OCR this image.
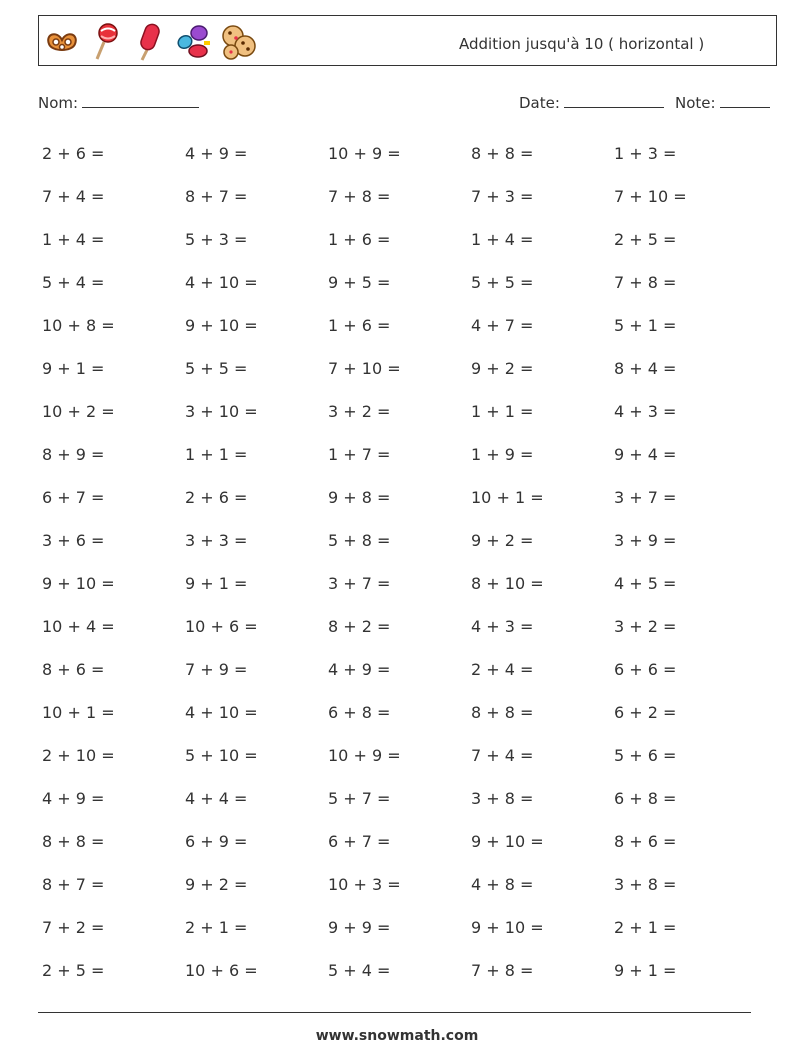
Addition jusqu'à 10 ( horizontal )
Nom:	Date:	Note:
2 + 6 =	4 + 9 =	10 + 9 =	8 + 8 =	1 + 3 =
7 + 4 =	8 + 7 =	7 + 8 =	7 + 3 =	7 + 10 =
1 + 4 =	5 + 3 =	1 + 6 =	1 + 4 =	2 + 5 =
5 + 4 =	4 + 10 =	9 + 5 =	5 + 5 =	7 + 8 =
10 + 8 =	9 + 10 =	1 + 6 =	4 + 7 =	5 + 1 =
9 + 1 =	5 + 5 =	7 + 10 =	9 + 2 =	8 + 4 =
10 + 2 =	3 + 10 =	3 + 2 =	1 + 1 =	4 + 3 =
8 + 9 =	1 + 1 =	1 + 7 =	1 + 9 =	9 + 4 =
6 + 7 =	2 + 6 =	9 + 8 =	10 + 1 =	3 + 7 =
3 + 6 =	3 + 3 =	5 + 8 =	9 + 2 =	3 + 9 =
9 + 10 =	9 + 1 =	3 + 7 =	8 + 10 =	4 + 5 =
10 + 4 =	10 + 6 =	8 + 2 =	4 + 3 =	3 + 2 =
8 + 6 =	7 + 9 =	4 + 9 =	2 + 4 =	6 + 6 =
10 + 1 =	4 + 10 =	6 + 8 =	8 + 8 =	6 + 2 =
2 + 10 =	5 + 10 =	10 + 9 =	7 + 4 =	5 + 6 =
4 + 9 =	4 + 4 =	5 + 7 =	3 + 8 =	6 + 8 =
8 + 8 =	6 + 9 =	6 + 7 =	9 + 10 =	8 + 6 =
8 + 7 =	9 + 2 =	10 + 3 =	4 + 8 =	3 + 8 =
7 + 2 =	2 + 1 =	9 + 9 =	9 + 10 =	2 + 1 =
2 + 5 =	10 + 6 =	5 + 4 =	7 + 8 =	9 + 1 =
www.snowmath.com
